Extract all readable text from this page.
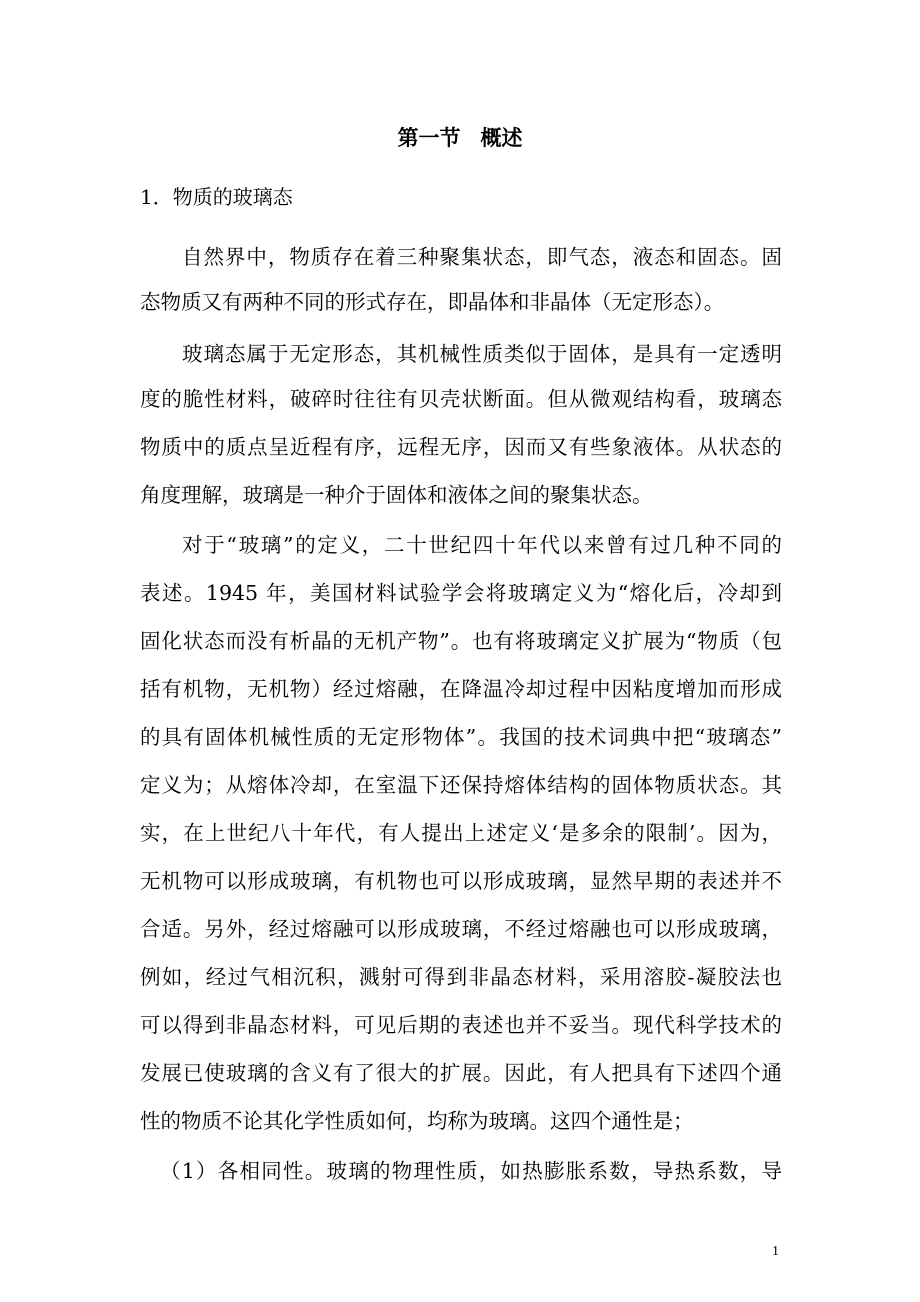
第一节 概述
1．物质的玻璃态
自然界中，物质存在着三种聚集状态，即气态，液态和固态。固
态物质又有两种不同的形式存在，即晶体和非晶体（无定形态）。
玻璃态属于无定形态，其机械性质类似于固体，是具有一定透明
度的脆性材料，破碎时往往有贝壳状断面。但从微观结构看，玻璃态
物质中的质点呈近程有序，远程无序，因而又有些象液体。从状态的
角度理解，玻璃是一种介于固体和液体之间的聚集状态。
对于“玻璃”的定义，二十世纪四十年代以来曾有过几种不同的
表述。1945 年，美国材料试验学会将玻璃定义为“熔化后，冷却到
固化状态而没有析晶的无机产物”。也有将玻璃定义扩展为“物质（包
括有机物，无机物）经过熔融，在降温冷却过程中因粘度增加而形成
的具有固体机械性质的无定形物体”。我国的技术词典中把“玻璃态”
定义为；从熔体冷却，在室温下还保持熔体结构的固体物质状态。其
实，在上世纪八十年代，有人提出上述定义‘是多余的限制’。因为，
无机物可以形成玻璃，有机物也可以形成玻璃，显然早期的表述并不
合适。另外，经过熔融可以形成玻璃，不经过熔融也可以形成玻璃，
例如，经过气相沉积，溅射可得到非晶态材料，采用溶胶-凝胶法也
可以得到非晶态材料，可见后期的表述也并不妥当。现代科学技术的
发展已使玻璃的含义有了很大的扩展。因此，有人把具有下述四个通
性的物质不论其化学性质如何，均称为玻璃。这四个通性是；
（1）各相同性。玻璃的物理性质，如热膨胀系数，导热系数，导
1
